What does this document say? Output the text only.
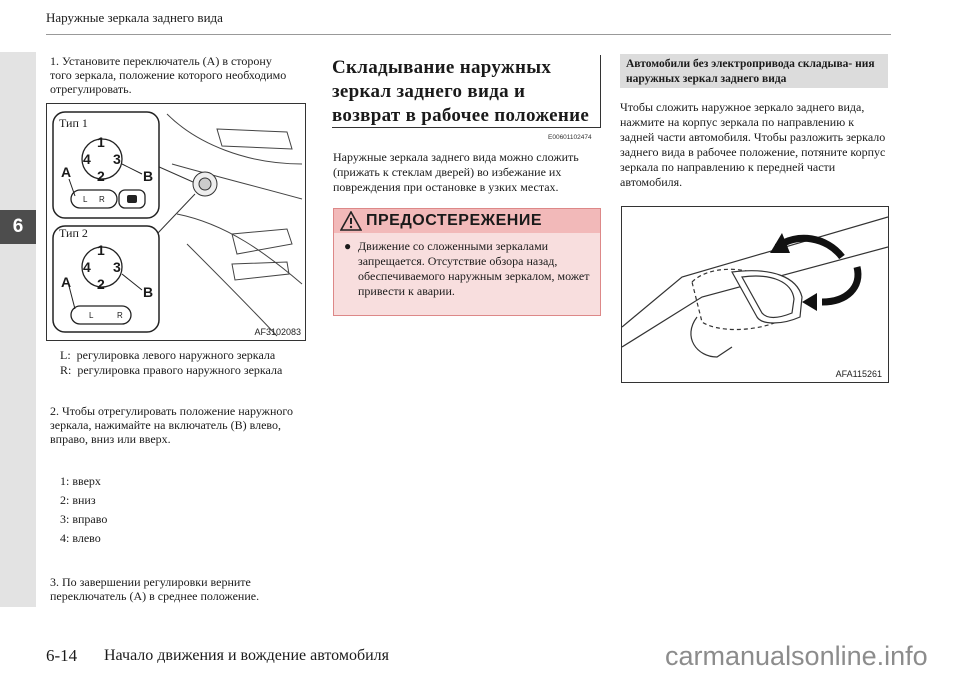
Наружные зеркала заднего вида
6
1. Установите переключатель (A) в сторону того зеркала, положение которого необходимо отрегулировать.
Тип 1
Тип 2
1
2
3
4
A	B
L R
1
2
3
4
A
B
L	R
AF3102083
L: регулировка левого наружного зеркала
R: регулировка правого наружного зеркала
2. Чтобы отрегулировать положение наружного зеркала, нажимайте на включатель (B) влево, вправо, вниз или вверх.
1: вверх
2: вниз
3: вправо
4: влево
3. По завершении регулировки верните переключатель (A) в среднее положение.
Складывание наружных зеркал заднего вида и возврат в рабочее положение
E00601102474
Наружные зеркала заднего вида можно сложить (прижать к стеклам дверей) во избежание их повреждения при остановке в узких местах.
ПРЕДОСТЕРЕЖЕНИЕ
● Движение со сложенными зеркалами запрещается. Отсутствие обзора назад, обеспечиваемого наружным зеркалом, может привести к аварии.
Автомобили без электропривода складыва- ния наружных зеркал заднего вида
Чтобы сложить наружное зеркало заднего вида, нажмите на корпус зеркала по направлению к задней части автомобиля. Чтобы разложить зеркало заднего вида в рабочее положение, потяните корпус зеркала по направлению к передней части автомобиля.
AFA115261
6-14 Начало движения и вождение автомобиля	carmanualsonline.info
